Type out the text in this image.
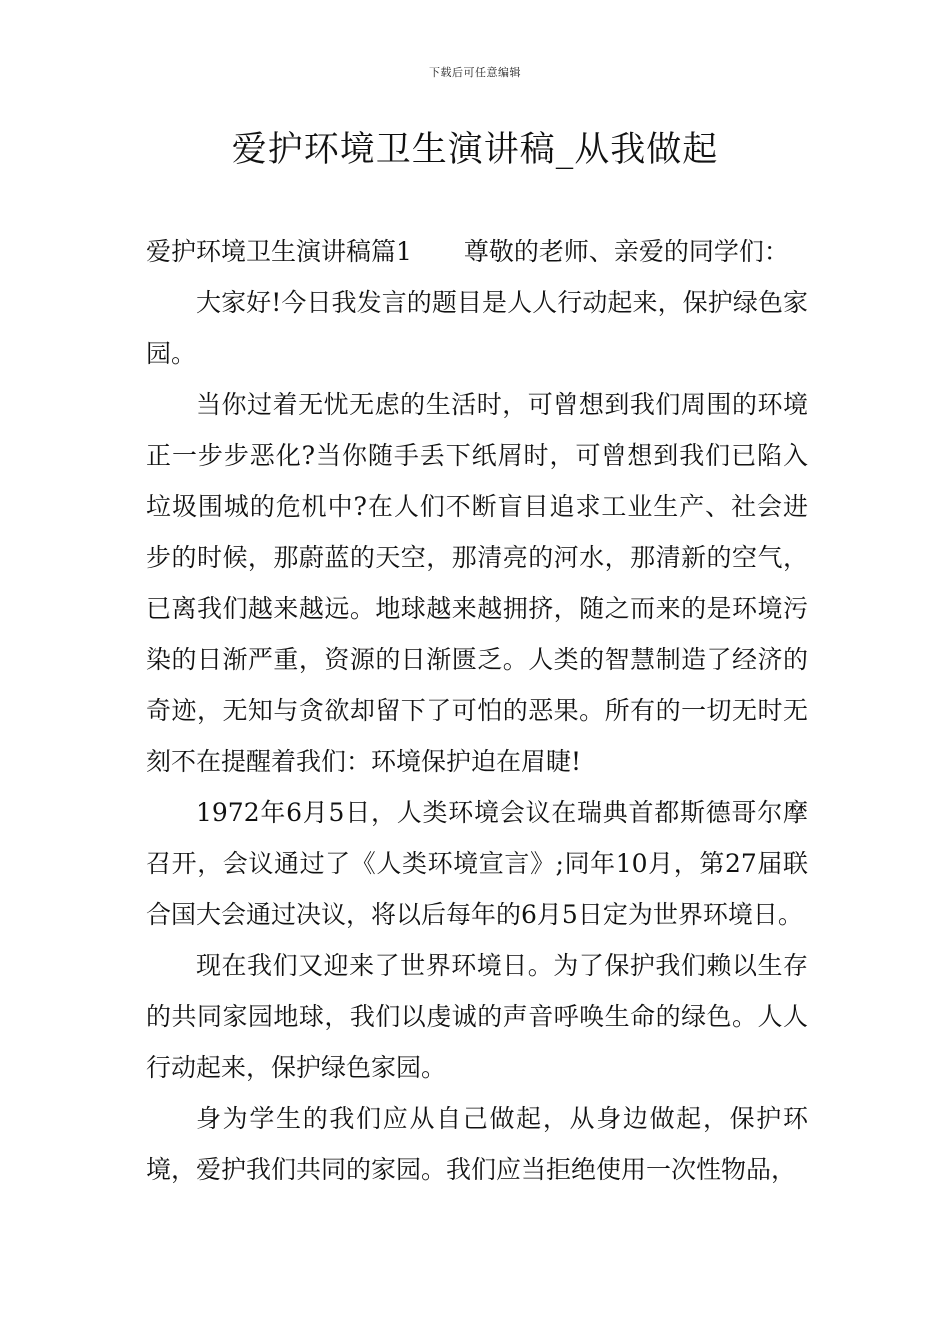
下载后可任意编辑
爱护环境卫生演讲稿_从我做起

爱护环境卫生演讲稿篇1 尊敬的老师、亲爱的同学们：

大家好!今日我发言的题目是人人行动起来，保护绿色家园。

当你过着无忧无虑的生活时，可曾想到我们周围的环境正一步步恶化?当你随手丢下纸屑时，可曾想到我们已陷入垃圾围城的危机中?在人们不断盲目追求工业生产、社会进步的时候，那蔚蓝的天空，那清亮的河水，那清新的空气，已离我们越来越远。地球越来越拥挤，随之而来的是环境污染的日渐严重，资源的日渐匮乏。人类的智慧制造了经济的奇迹，无知与贪欲却留下了可怕的恶果。所有的一切无时无刻不在提醒着我们：环境保护迫在眉睫!

1972年6月5日，人类环境会议在瑞典首都斯德哥尔摩召开，会议通过了《人类环境宣言》;同年10月，第27届联合国大会通过决议，将以后每年的6月5日定为世界环境日。

现在我们又迎来了世界环境日。为了保护我们赖以生存的共同家园地球，我们以虔诚的声音呼唤生命的绿色。人人行动起来，保护绿色家园。

身为学生的我们应从自己做起，从身边做起，保护环境，爱护我们共同的家园。我们应当拒绝使用一次性物品，
